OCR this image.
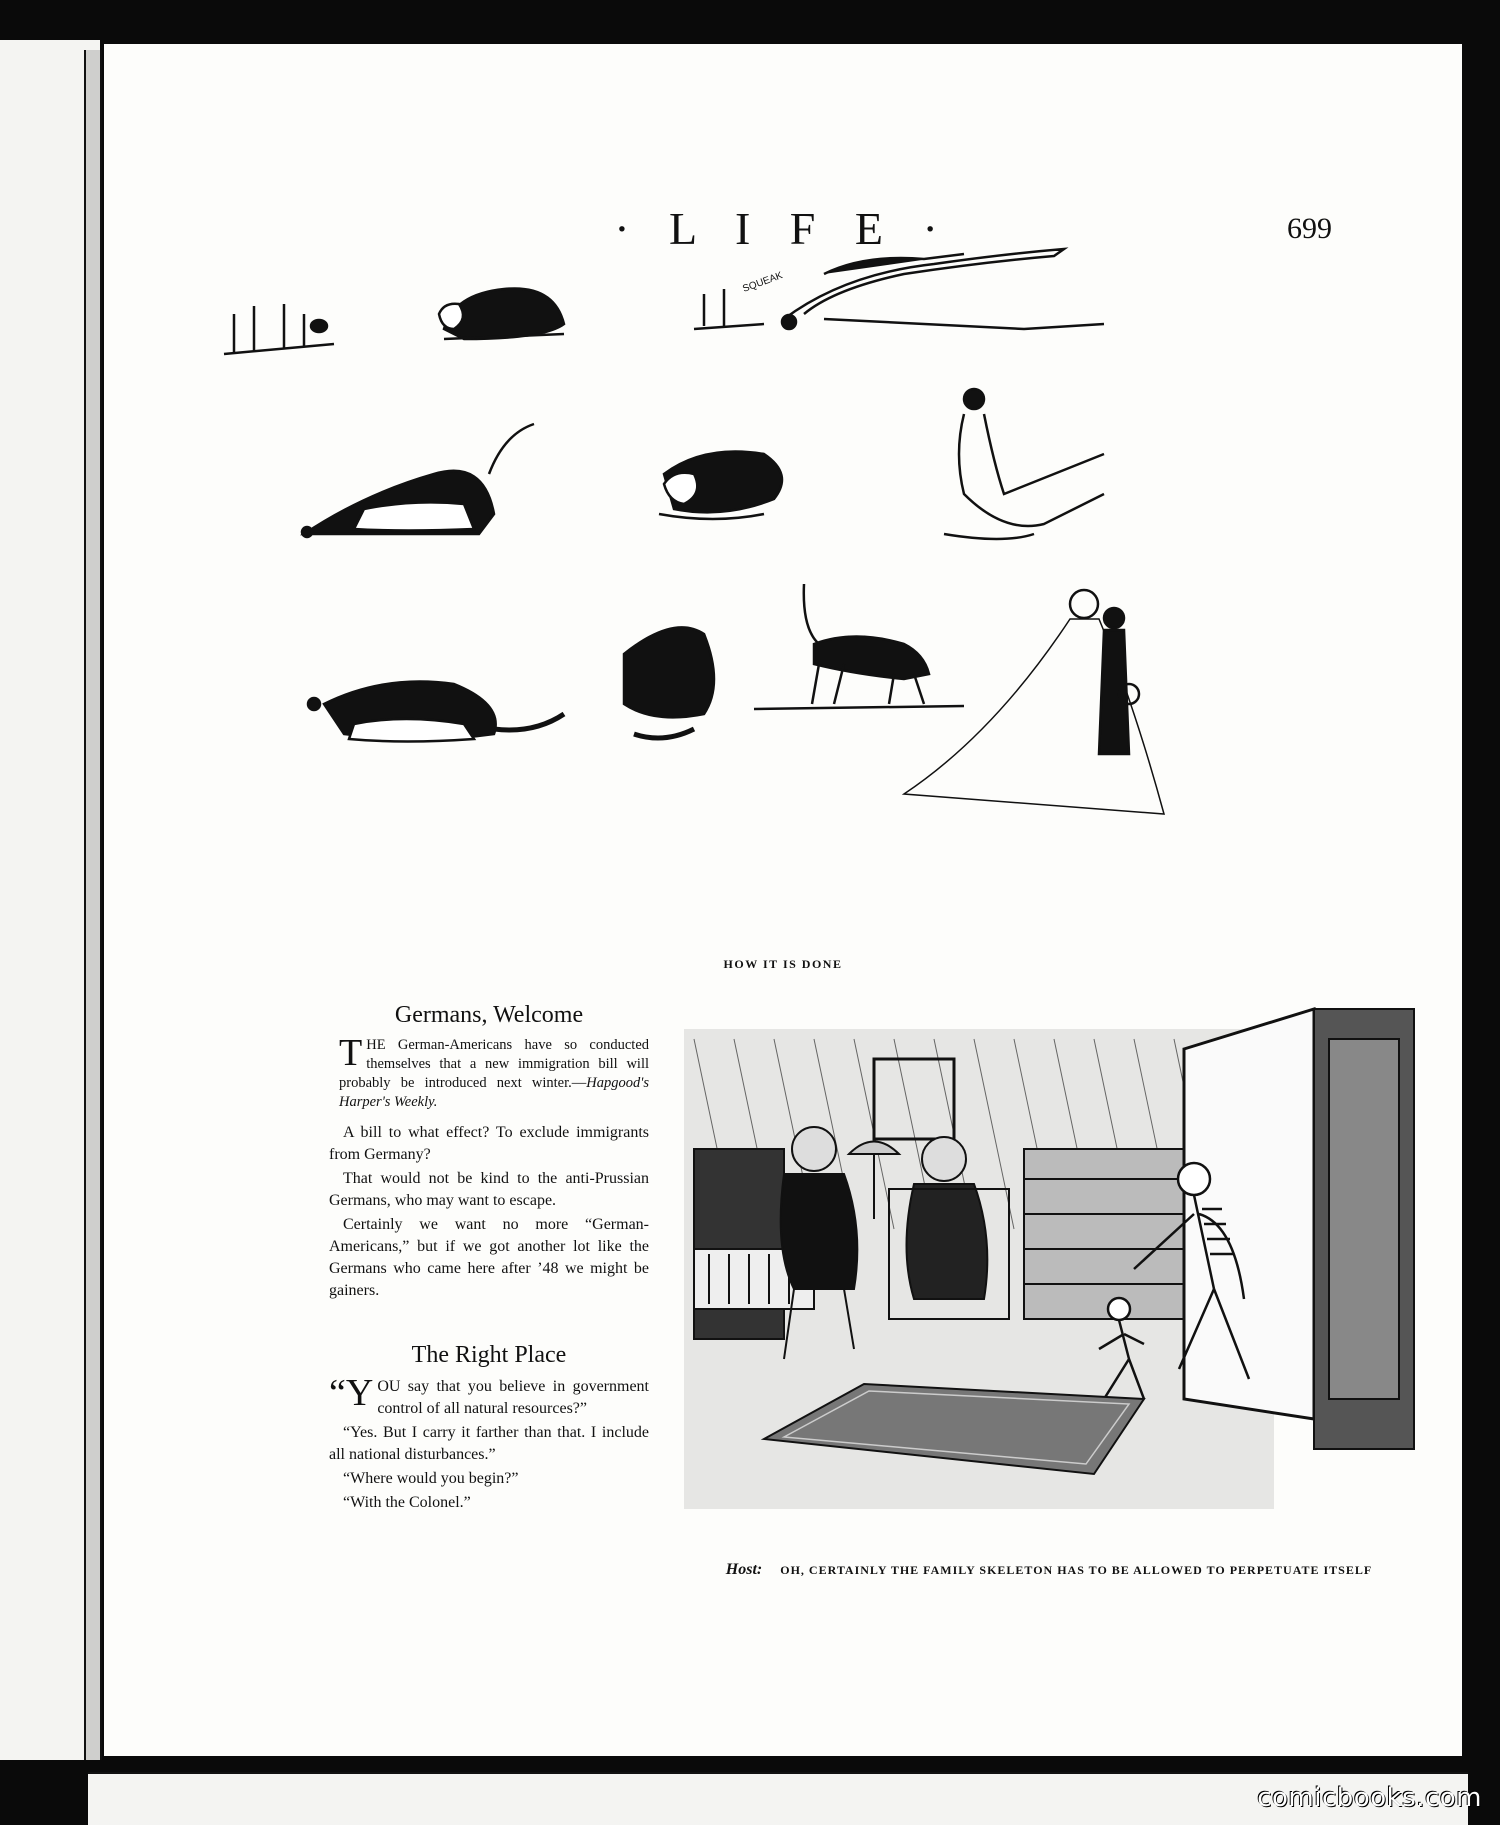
· L I F E ·	699
SQUEAK
HOW IT IS DONE
Germans, Welcome

THE German-Americans have so conducted themselves that a new immigration bill will probably be introduced next winter.—Hapgood's Harper's Weekly.

A bill to what effect? To exclude immigrants from Germany?

That would not be kind to the anti-Prussian Germans, who may want to escape.

Certainly we want no more “German-Americans,” but if we got another lot like the Germans who came here after ’48 we might be gainers.

The Right Place

“YOU say that you believe in government control of all natural resources?”

“Yes. But I carry it farther than that. I include all national disturbances.”

“Where would you begin?”

“With the Colonel.”

Host: OH, CERTAINLY THE FAMILY SKELETON HAS TO BE ALLOWED TO PERPETUATE ITSELF
comicbooks.com
